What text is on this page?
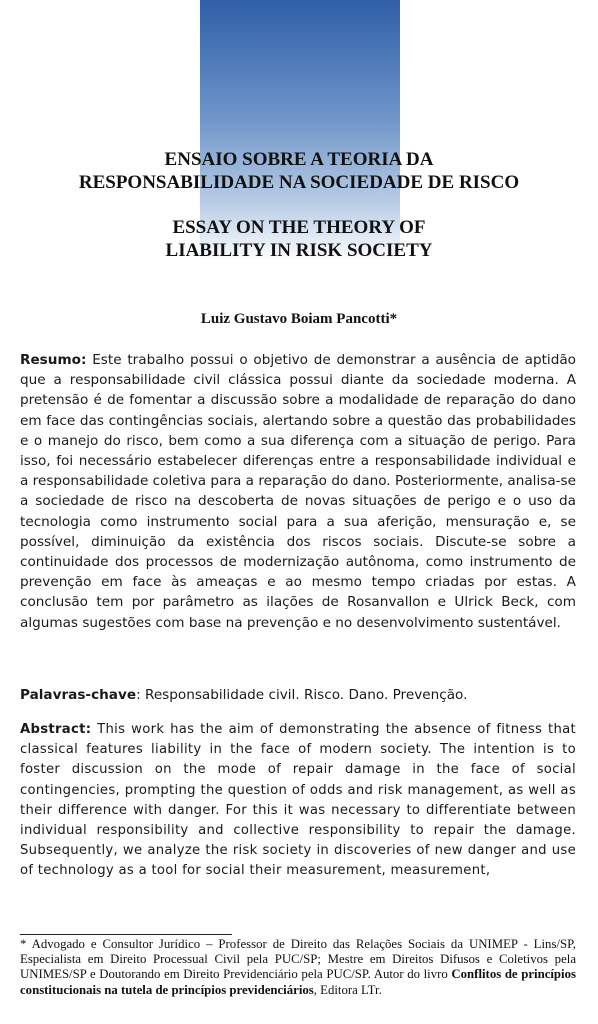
ENSAIO SOBRE A TEORIA DA
RESPONSABILIDADE NA SOCIEDADE DE RISCO
ESSAY ON THE THEORY OF
LIABILITY IN RISK SOCIETY
Luiz Gustavo Boiam Pancotti*
Resumo: Este trabalho possui o objetivo de demonstrar a ausência de aptidão que a responsabilidade civil clássica possui diante da sociedade moderna. A pretensão é de fomentar a discussão sobre a modalidade de reparação do dano em face das contingências sociais, alertando sobre a questão das probabilidades e o manejo do risco, bem como a sua diferença com a situação de perigo. Para isso, foi necessário estabelecer diferenças entre a responsabilidade individual e a responsabilidade coletiva para a reparação do dano. Posteriormente, analisa-se a sociedade de risco na descoberta de novas situações de perigo e o uso da tecnologia como instrumento social para a sua aferição, mensuração e, se possível, diminuição da existência dos riscos sociais. Discute-se sobre a continuidade dos processos de modernização autônoma, como instrumento de prevenção em face às ameaças e ao mesmo tempo criadas por estas. A conclusão tem por parâmetro as ilações de Rosanvallon e Ulrick Beck, com algumas sugestões com base na prevenção e no desenvolvimento sustentável.
Palavras-chave: Responsabilidade civil. Risco. Dano. Prevenção.
Abstract: This work has the aim of demonstrating the absence of fitness that classical features liability in the face of modern society. The intention is to foster discussion on the mode of repair damage in the face of social contingencies, prompting the question of odds and risk management, as well as their difference with danger. For this it was necessary to differentiate between individual responsibility and collective responsibility to repair the damage. Subsequently, we analyze the risk society in discoveries of new danger and use of technology as a tool for social their measurement, measurement,
* Advogado e Consultor Jurídico – Professor de Direito das Relações Sociais da UNIMEP - Lins/SP, Especialista em Direito Processual Civil pela PUC/SP; Mestre em Direitos Difusos e Coletivos pela UNIMES/SP e Doutorando em Direito Previdenciário pela PUC/SP. Autor do livro Conflitos de princípios constitucionais na tutela de princípios previdenciários, Editora LTr.
